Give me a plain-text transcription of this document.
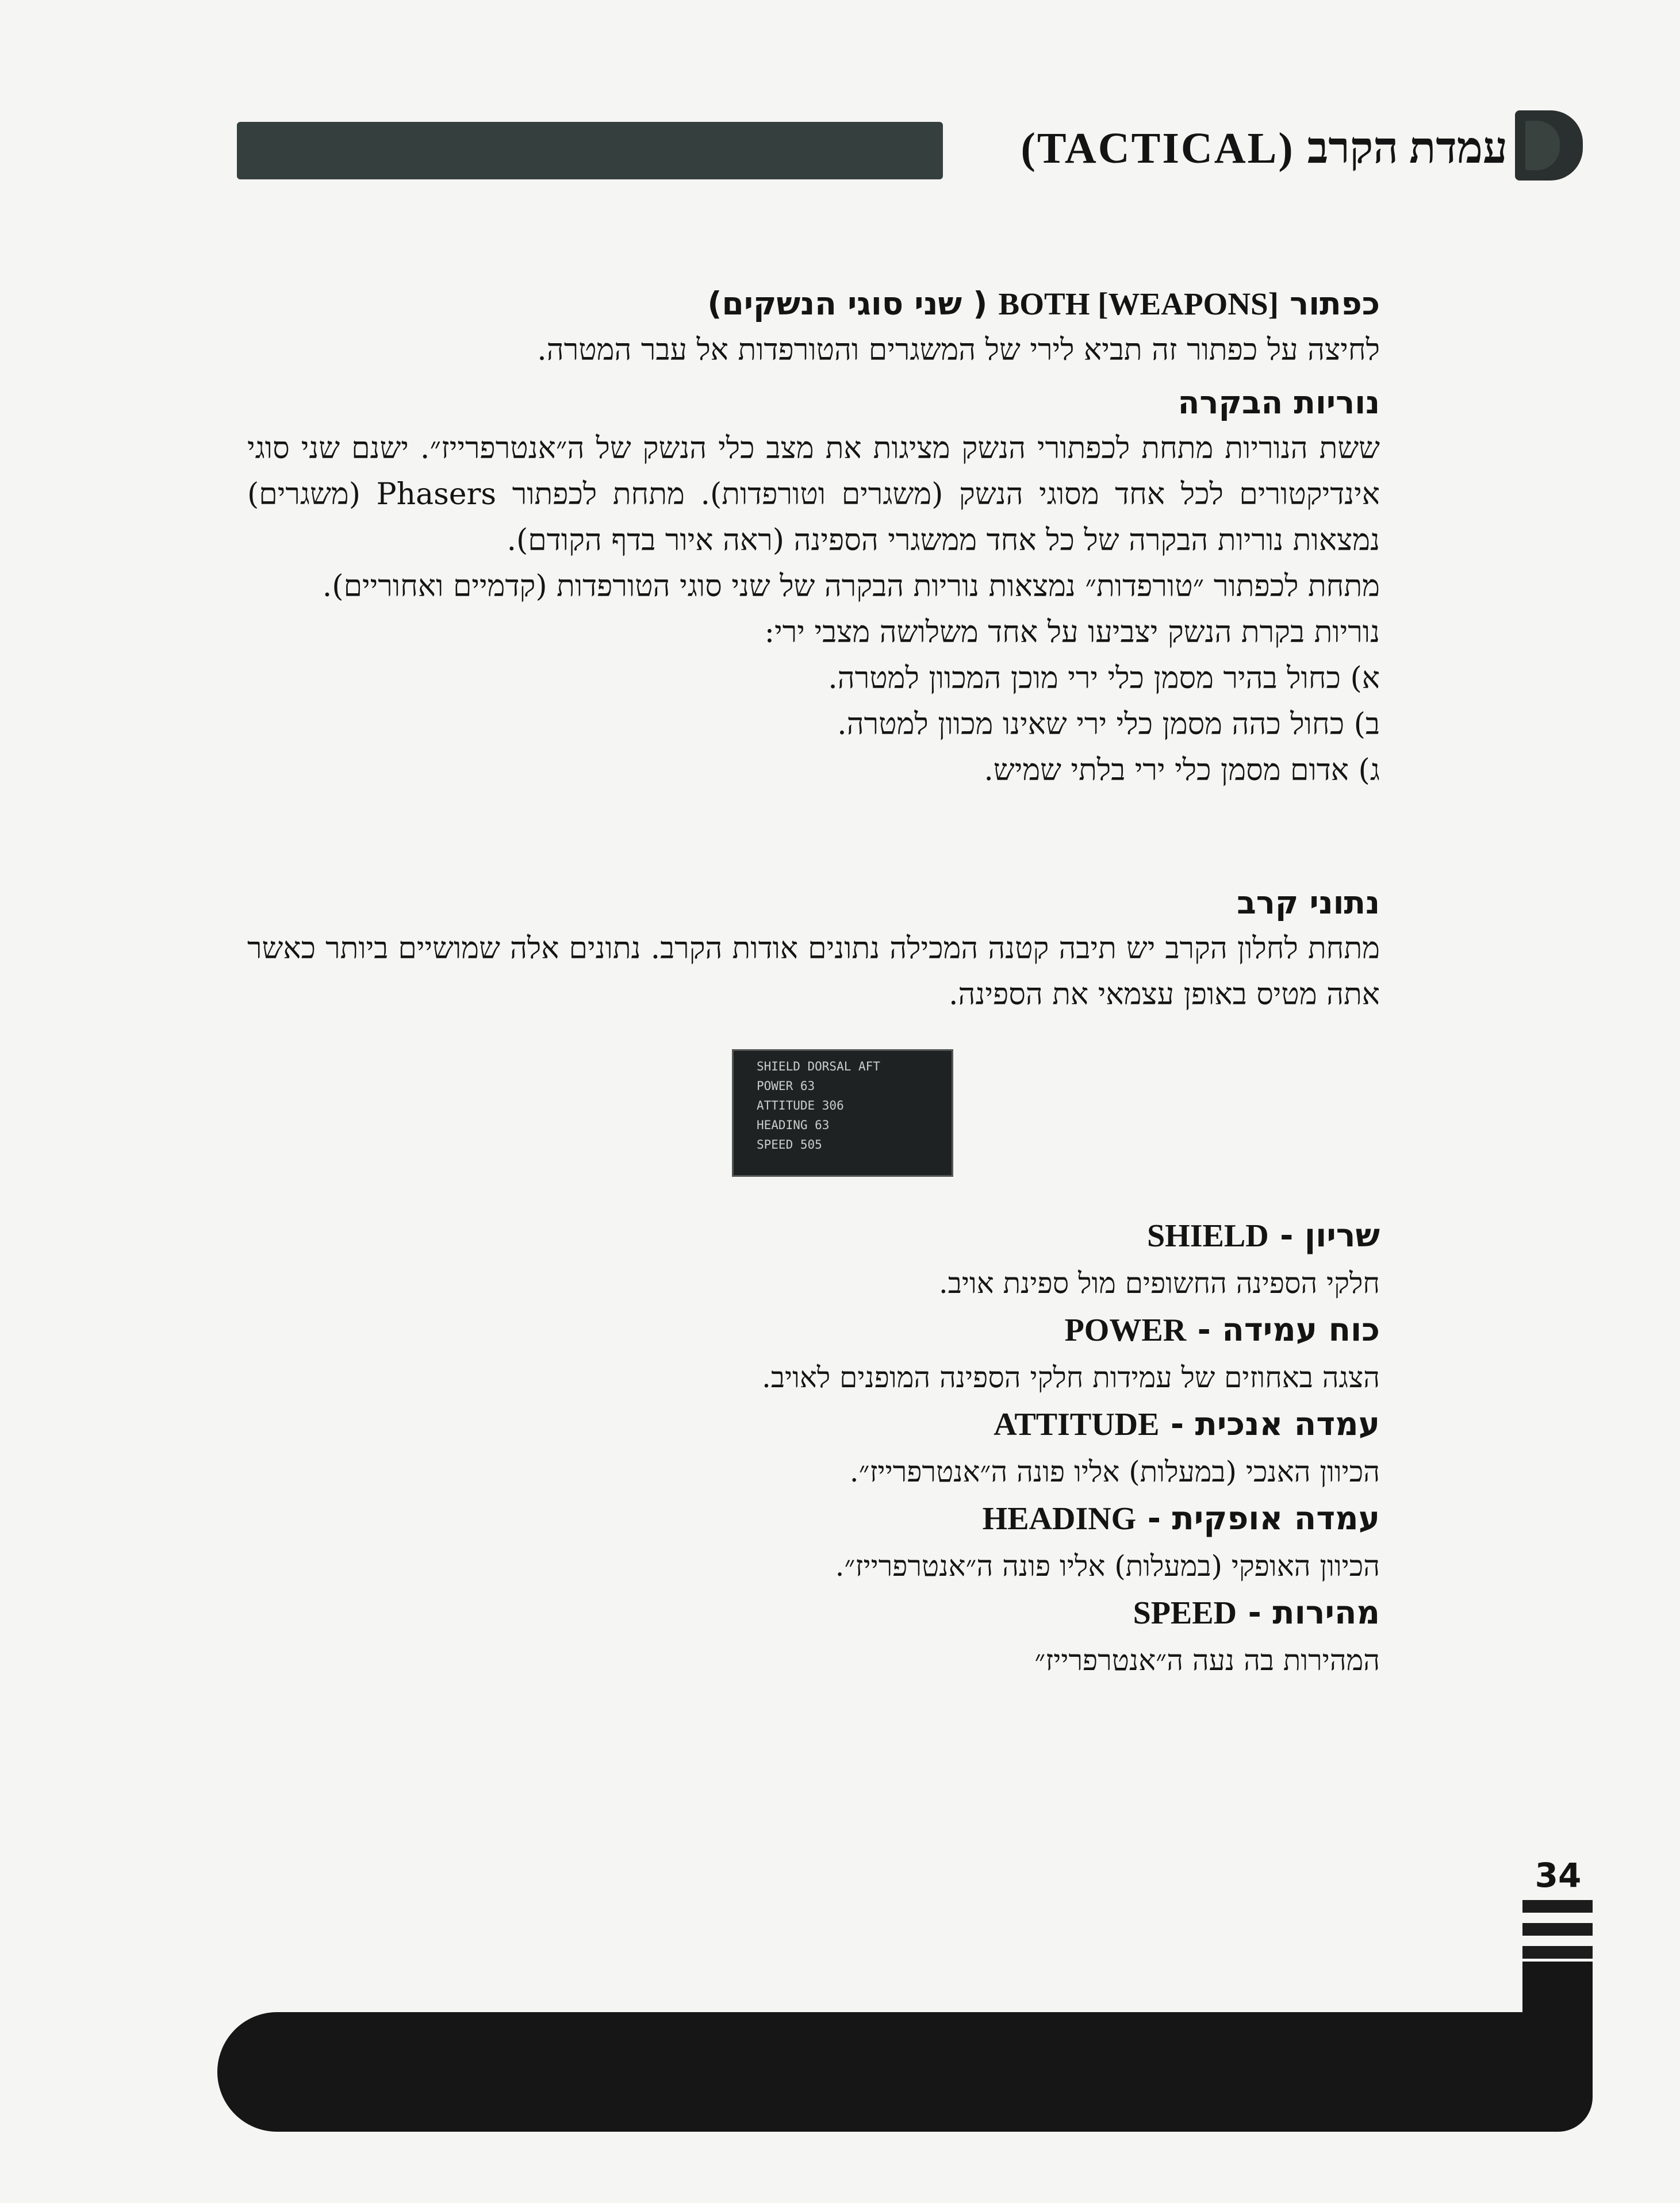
עמדת הקרב
(TACTICAL)

כפתור BOTH [WEAPONS] ( שני סוגי הנשקים)

לחיצה על כפתור זה תביא לירי של המשגרים והטורפדות אל עבר המטרה.

נוריות הבקרה

ששת הנוריות מתחת לכפתורי הנשק מציגות את מצב כלי הנשק של ה״אנטרפרייז״. ישנם שני סוגי אינדיקטורים לכל אחד מסוגי הנשק (משגרים וטורפדות). מתחת לכפתור Phasers (משגרים) נמצאות נוריות הבקרה של כל אחד ממשגרי הספינה (ראה איור בדף הקודם).

מתחת לכפתור ״טורפדות״ נמצאות נוריות הבקרה של שני סוגי הטורפדות (קדמיים ואחוריים).

נוריות בקרת הנשק יצביעו על אחד משלושה מצבי ירי:

א) כחול בהיר מסמן כלי ירי מוכן המכוון למטרה.

ב) כחול כהה מסמן כלי ירי שאינו מכוון למטרה.

ג) אדום מסמן כלי ירי בלתי שמיש.

נתוני קרב

מתחת לחלון הקרב יש תיבה קטנה המכילה נתונים אודות הקרב. נתונים אלה שמושיים ביותר כאשר אתה מטיס באופן עצמאי את הספינה.

SHIELD DORSAL AFT
POWER 63
ATTITUDE 306
HEADING 63
SPEED 505

שריון - SHIELD

חלקי הספינה החשופים מול ספינת אויב.

כוח עמידה - POWER

הצגה באחוזים של עמידות חלקי הספינה המופנים לאויב.

עמדה אנכית - ATTITUDE

הכיוון האנכי (במעלות) אליו פונה ה״אנטרפרייז״.

עמדה אופקית - HEADING

הכיוון האופקי (במעלות) אליו פונה ה״אנטרפרייז״.

מהירות - SPEED

המהירות בה נעה ה״אנטרפרייז״

34
